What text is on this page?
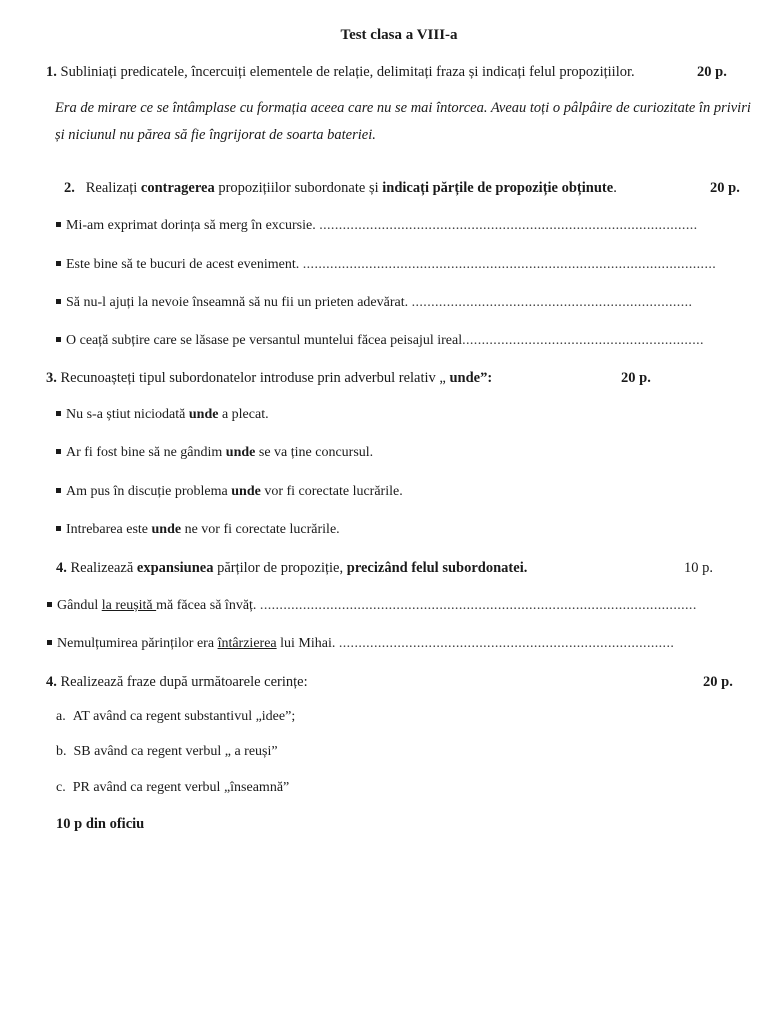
Test clasa a VIII-a
1. Subliniați predicatele, încercuiți elementele de relație, delimitați fraza și indicați felul propozițiilor.	20 p.
Era de mirare ce se întâmplase cu formația aceea care nu se mai întorcea. Aveau toți o pâlpâire de curiozitate în priviri și niciunul nu părea să fie îngrijorat de soarta bateriei.
2. Realizați contragerea propozițiilor subordonate și indicați părțile de propoziție obținute.	20 p.
Mi-am exprimat dorința să merg în excursie. .................................................................................................
Este bine să te bucuri de acest eveniment. ..........................................................................................................
Să nu-l ajuți la nevoie înseamnă să nu fii un prieten adevărat. ........................................................................
O ceață subțire care se lăsase pe versantul muntelui făcea peisajul ireal..............................................................
3. Recunoașteți tipul subordonatelor introduse prin adverbul relativ „ unde”:	20 p.
Nu s-a știut niciodată unde a plecat.
Ar fi fost bine să ne gândim unde se va ține concursul.
Am pus în discuție problema unde vor fi corectate lucrările.
Intrebarea este unde ne vor fi corectate lucrările.
4. Realizează expansiunea părților de propoziție, precizând felul subordonatei.	10 p.
Gândul la reușită mă făcea să învăț. ................................................................................................................
Nemulțumirea părinților era întârzierea lui Mihai. ......................................................................................
4. Realizează fraze după următoarele cerințe:	20 p.
a. AT având ca regent substantivul „idee”;
b. SB având ca regent verbul „ a reuși”
c. PR având ca regent verbul „înseamnă”
10 p din oficiu
